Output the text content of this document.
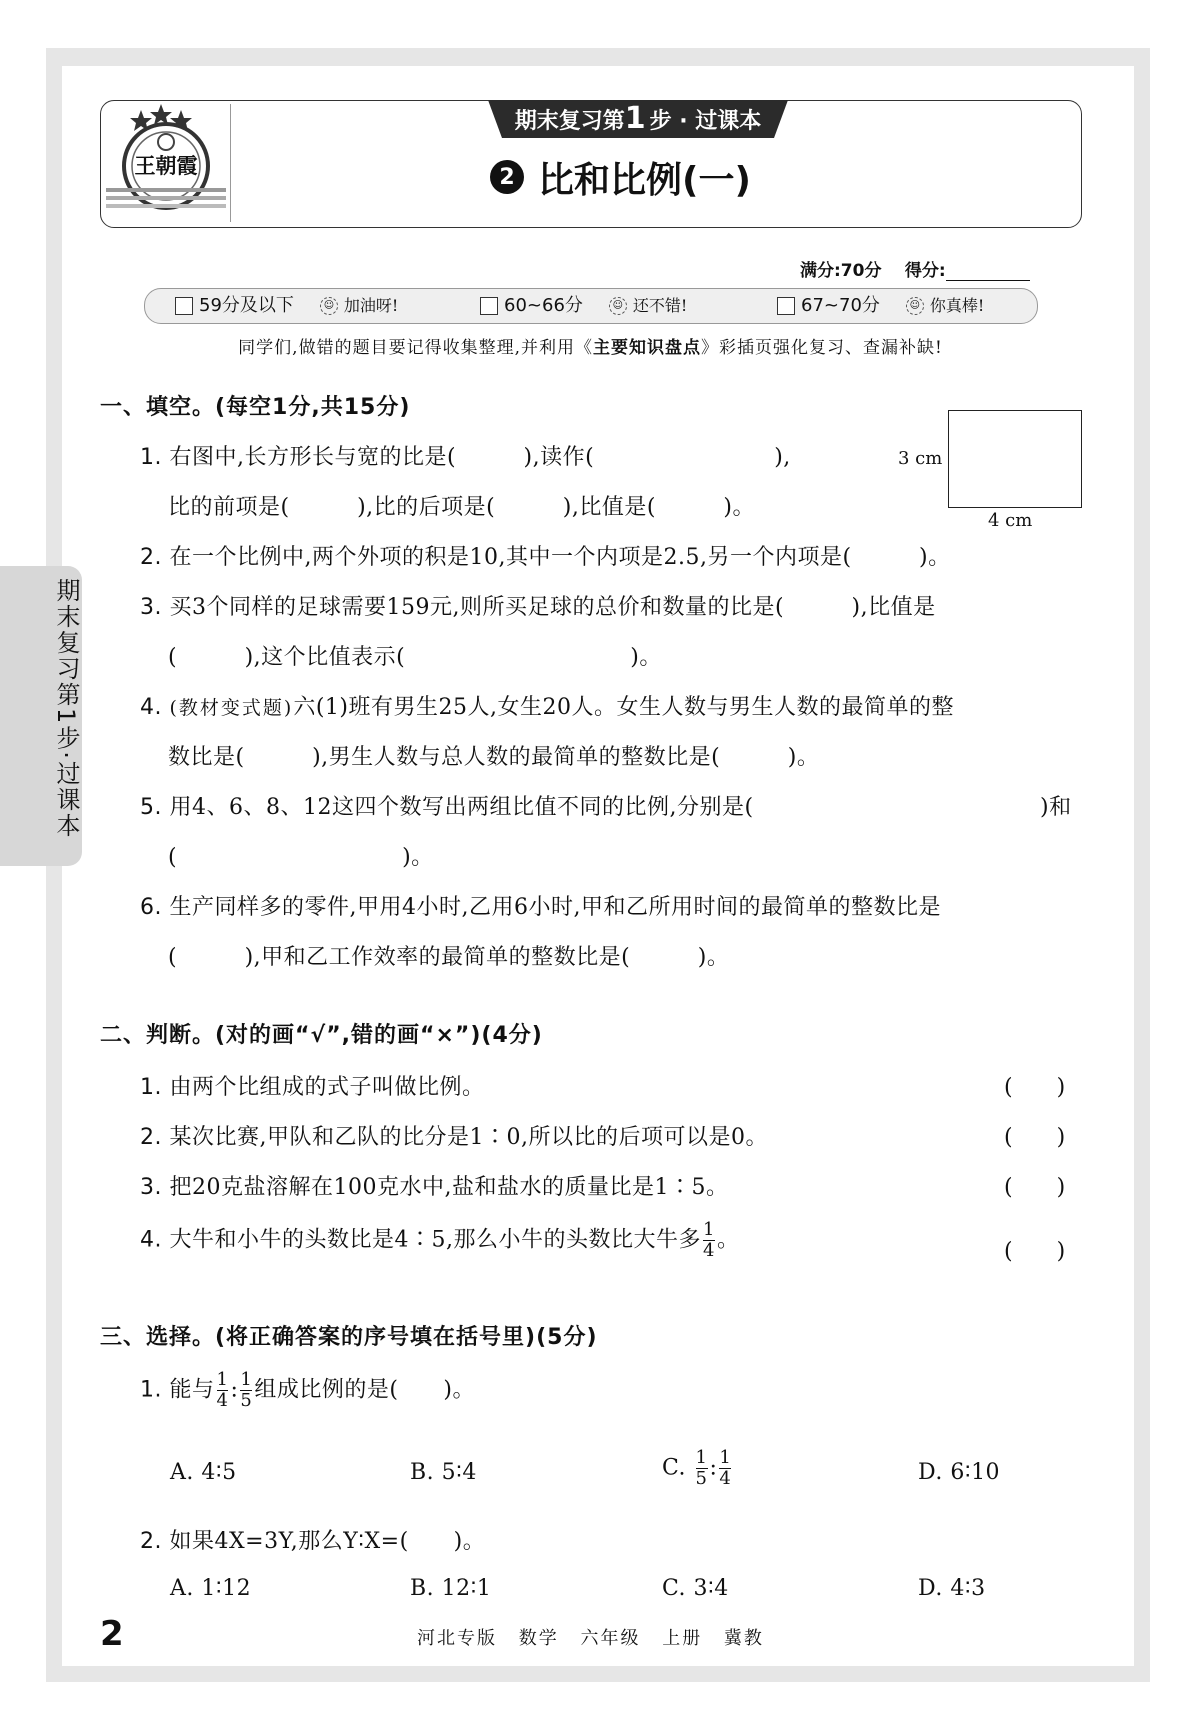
王朝霞
期末复习第1 步 · 过课本
2 比和比例(一)
满分:70分 得分:
59分及以下	☺ 加油呀!	60~66分	☺ 还不错!	67~70分	☺ 你真棒!
同学们,做错的题目要记得收集整理,并利用《主要知识盘点》彩插页强化复习、查漏补缺!
一、填空。(每空1分,共15分)
3 cm
4 cm
1. 右图中,长方形长与宽的比是(　　　),读作(　　　　　　　　),
比的前项是(　　　),比的后项是(　　　),比值是(　　　)。
2. 在一个比例中,两个外项的积是10,其中一个内项是2.5,另一个内项是(　　　)。
3. 买3个同样的足球需要159元,则所买足球的总价和数量的比是(　　　),比值是
(　　　),这个比值表示(　　　　　　　　　　)。
4. (教材变式题)六(1)班有男生25人,女生20人。女生人数与男生人数的最简单的整
数比是(　　　),男生人数与总人数的最简单的整数比是(　　　)。
5. 用4、6、8、12这四个数写出两组比值不同的比例,分别是(	)和
(　　　　　　　　　　)。
6. 生产同样多的零件,甲用4小时,乙用6小时,甲和乙所用时间的最简单的整数比是
(　　　),甲和乙工作效率的最简单的整数比是(　　　)。
二、判断。(对的画“√”,错的画“×”)(4分)
1. 由两个比组成的式子叫做比例。	(　　)
2. 某次比赛,甲队和乙队的比分是1∶0,所以比的后项可以是0。	(　　)
3. 把20克盐溶解在100克水中,盐和盐水的质量比是1∶5。	(　　)
4. 大牛和小牛的头数比是4∶5,那么小牛的头数比大牛多 $\frac{1}{4}$ 。	(　　)
三、选择。(将正确答案的序号填在括号里)(5分)
1. 能与 $\frac{1}{4}$ : $\frac{1}{5}$ 组成比例的是(　　)。
A. 4∶5	B. 5∶4	C. $\frac{1}{5}$ : $\frac{1}{4}$	D. 6∶10
2. 如果4X=3Y,那么Y∶X=(　　)。
A. 1∶12	B. 12∶1	C. 3∶4	D. 4∶3
期末复习第1步·过课本
2	河北专版 数学 六年级 上册 冀教
